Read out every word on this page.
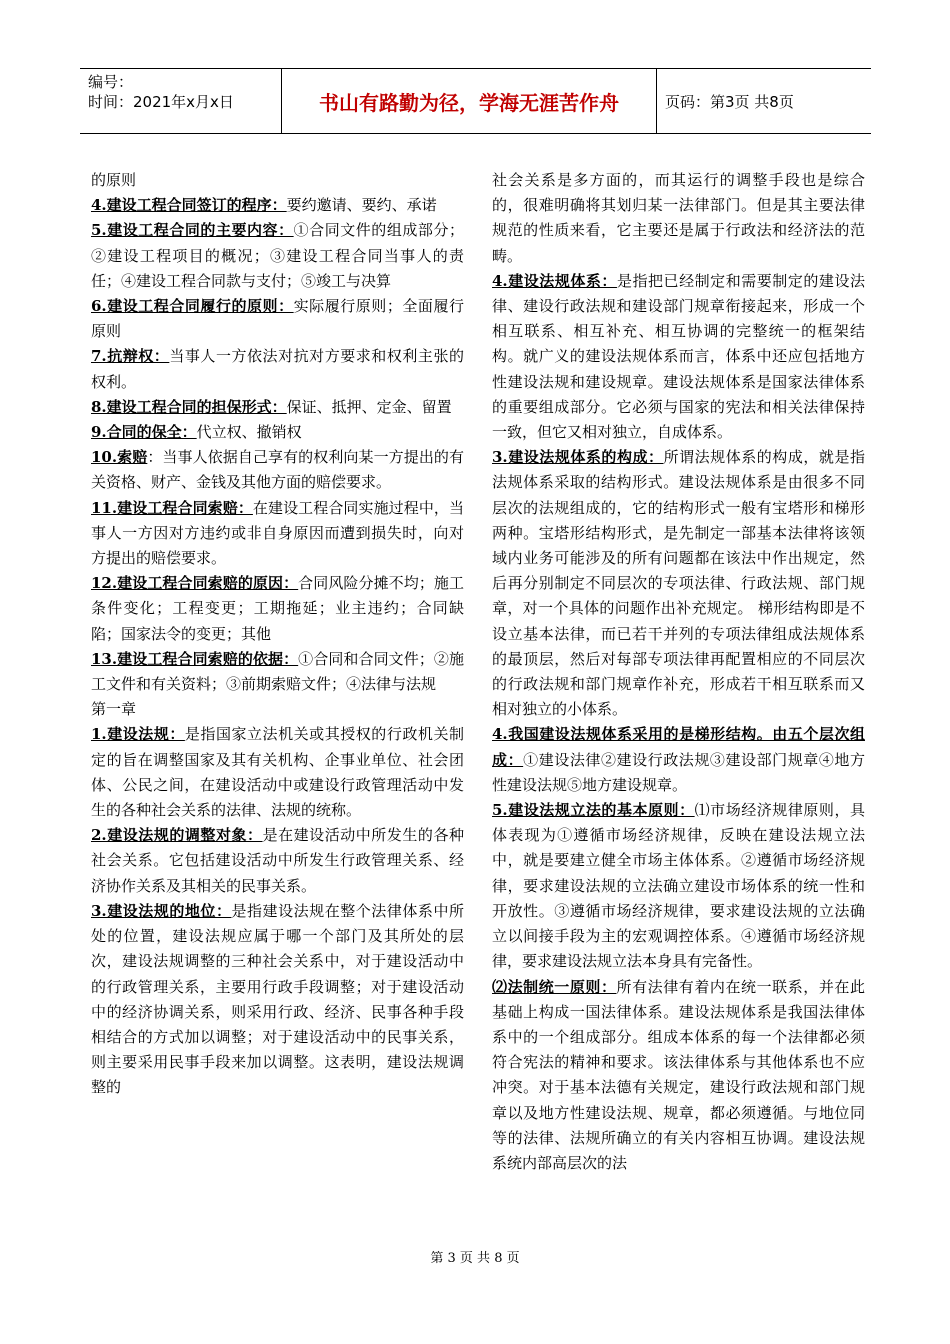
编号：
时间：2021年x月x日	书山有路勤为径，学海无涯苦作舟	页码：第3页 共8页

的原则

4.建设工程合同签订的程序：要约邀请、要约、承诺

5.建设工程合同的主要内容：①合同文件的组成部分；②建设工程项目的概况；③建设工程合同当事人的责任；④建设工程合同款与支付；⑤竣工与决算

6.建设工程合同履行的原则：实际履行原则；全面履行原则

7.抗辩权：当事人一方依法对抗对方要求和权利主张的权利。

8.建设工程合同的担保形式：保证、抵押、定金、留置

9.合同的保全：代立权、撤销权

10.索赔：当事人依据自己享有的权利向某一方提出的有关资格、财产、金钱及其他方面的赔偿要求。

11.建设工程合同索赔：在建设工程合同实施过程中，当事人一方因对方违约或非自身原因而遭到损失时，向对方提出的赔偿要求。

12.建设工程合同索赔的原因：合同风险分摊不均；施工条件变化；工程变更；工期拖延；业主违约；合同缺陷；国家法令的变更；其他

13.建设工程合同索赔的依据：①合同和合同文件；②施工文件和有关资料；③前期索赔文件；④法律与法规

第一章

1.建设法规：是指国家立法机关或其授权的行政机关制定的旨在调整国家及其有关机构、企事业单位、社会团体、公民之间，在建设活动中或建设行政管理活动中发生的各种社会关系的法律、法规的统称。

2.建设法规的调整对象：是在建设活动中所发生的各种社会关系。它包括建设活动中所发生行政管理关系、经济协作关系及其相关的民事关系。

3.建设法规的地位：是指建设法规在整个法律体系中所处的位置，建设法规应属于哪一个部门及其所处的层次，建设法规调整的三种社会关系中，对于建设活动中的行政管理关系，主要用行政手段调整；对于建设活动中的经济协调关系，则采用行政、经济、民事各种手段相结合的方式加以调整；对于建设活动中的民事关系，则主要采用民事手段来加以调整。这表明，建设法规调整的

社会关系是多方面的，而其运行的调整手段也是综合的，很难明确将其划归某一法律部门。但是其主要法律规范的性质来看，它主要还是属于行政法和经济法的范畴。

4.建设法规体系：是指把已经制定和需要制定的建设法律、建设行政法规和建设部门规章衔接起来，形成一个相互联系、相互补充、相互协调的完整统一的框架结构。就广义的建设法规体系而言，体系中还应包括地方性建设法规和建设规章。建设法规体系是国家法律体系的重要组成部分。它必须与国家的宪法和相关法律保持一致，但它又相对独立，自成体系。

3.建设法规体系的构成：所谓法规体系的构成，就是指法规体系采取的结构形式。建设法规体系是由很多不同层次的法规组成的，它的结构形式一般有宝塔形和梯形两种。宝塔形结构形式，是先制定一部基本法律将该领域内业务可能涉及的所有问题都在该法中作出规定，然后再分别制定不同层次的专项法律、行政法规、部门规章，对一个具体的问题作出补充规定。 梯形结构即是不设立基本法律，而已若干并列的专项法律组成法规体系的最顶层，然后对每部专项法律再配置相应的不同层次的行政法规和部门规章作补充，形成若干相互联系而又相对独立的小体系。

4.我国建设法规体系采用的是梯形结构。由五个层次组成：①建设法律②建设行政法规③建设部门规章④地方性建设法规⑤地方建设规章。

5.建设法规立法的基本原则：⑴市场经济规律原则，具体表现为①遵循市场经济规律，反映在建设法规立法中，就是要建立健全市场主体体系。②遵循市场经济规律，要求建设法规的立法确立建设市场体系的统一性和开放性。③遵循市场经济规律，要求建设法规的立法确立以间接手段为主的宏观调控体系。④遵循市场经济规律，要求建设法规立法本身具有完备性。

⑵法制统一原则：所有法律有着内在统一联系，并在此基础上构成一国法律体系。建设法规体系是我国法律体系中的一个组成部分。组成本体系的每一个法律都必须符合宪法的精神和要求。该法律体系与其他体系也不应冲突。对于基本法德有关规定，建设行政法规和部门规章以及地方性建设法规、规章，都必须遵循。与地位同等的法律、法规所确立的有关内容相互协调。建设法规系统内部高层次的法

第 3 页 共 8 页
